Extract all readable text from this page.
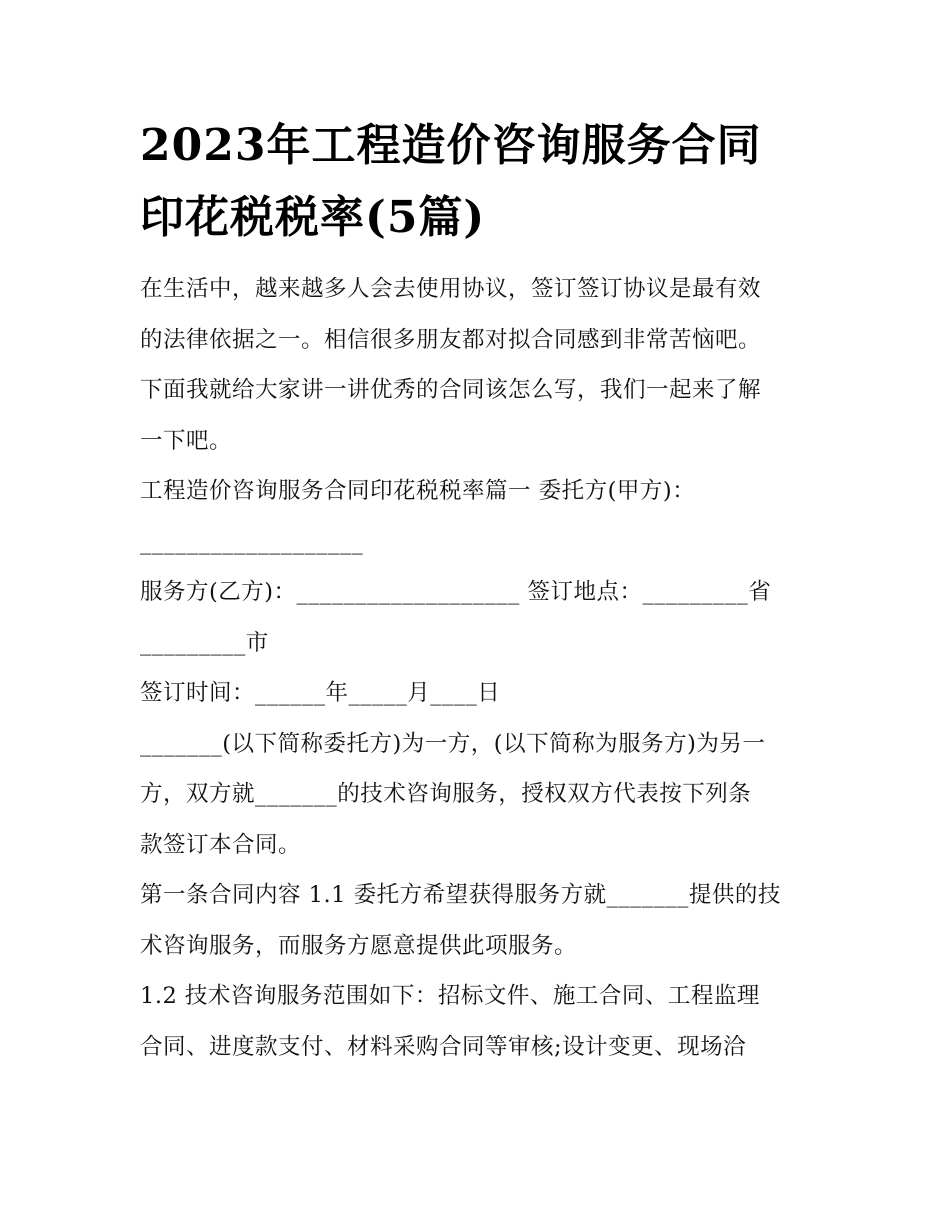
2023年工程造价咨询服务合同
印花税税率(5篇)

在生活中，越来越多人会去使用协议，签订签订协议是最有效
的法律依据之一。相信很多朋友都对拟合同感到非常苦恼吧。
下面我就给大家讲一讲优秀的合同该怎么写，我们一起来了解
一下吧。

工程造价咨询服务合同印花税税率篇一 委托方(甲方)：
___________________

服务方(乙方)：___________________ 签订地点：_________省
_________市

签订时间：______年_____月____日

_______(以下简称委托方)为一方，(以下简称为服务方)为另一
方，双方就_______的技术咨询服务，授权双方代表按下列条
款签订本合同。

第一条合同内容 1.1 委托方希望获得服务方就_______提供的技
术咨询服务，而服务方愿意提供此项服务。

1.2 技术咨询服务范围如下：招标文件、施工合同、工程监理
合同、进度款支付、材料采购合同等审核;设计变更、现场洽
